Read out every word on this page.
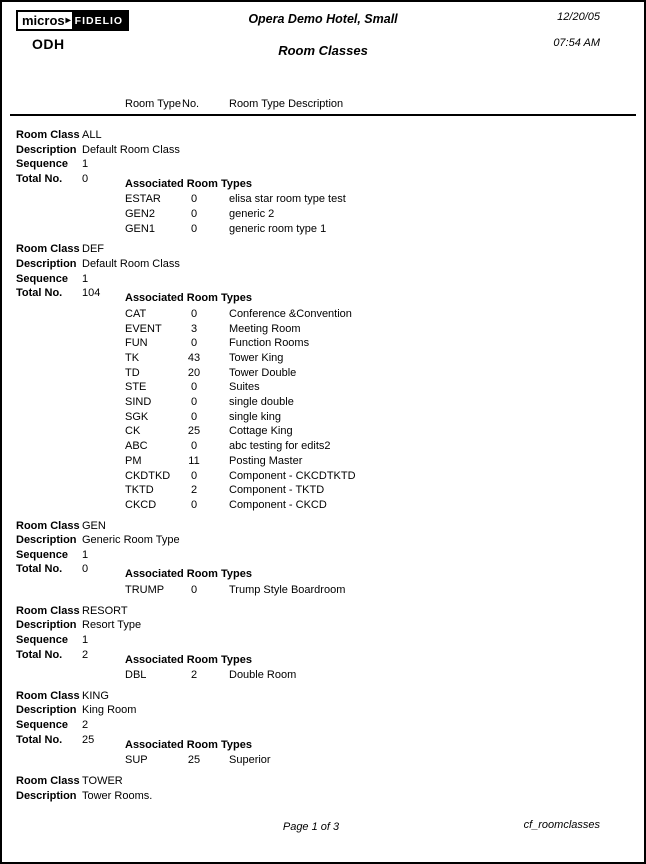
micros ▸ FIDELIO
ODH
Opera Demo Hotel, Small
Room Classes
12/20/05
07:54 AM
Room Type No.	Room Type Description
Room Class ALL
Description Default Room Class
Sequence	1
Total No.	0	Associated Room Types
ESTAR	0	elisa star room type test
GEN2	0	generic 2
GEN1	0	generic room type 1
Room Class DEF
Description Default Room Class
Sequence	1
Total No.	104	Associated Room Types
CAT	0	Conference &Convention
EVENT	3	Meeting Room
FUN	0	Function Rooms
TK	43	Tower King
TD	20	Tower Double
STE	0	Suites
SIND	0	single double
SGK	0	single king
CK	25	Cottage King
ABC	0	abc testing for edits2
PM	11	Posting Master
CKDTKD	0	Component - CKCDTKTD
TKTD	2	Component - TKTD
CKCD	0	Component - CKCD
Room Class GEN
Description Generic Room Type
Sequence	1
Total No.	0	Associated Room Types
TRUMP	0	Trump Style Boardroom
Room Class RESORT
Description Resort Type
Sequence	1
Total No.	2	Associated Room Types
DBL	2	Double Room
Room Class KING
Description King Room
Sequence	2
Total No.	25	Associated Room Types
SUP	25	Superior
Room Class TOWER
Description Tower Rooms.
Page 1 of 3	cf_roomclasses
